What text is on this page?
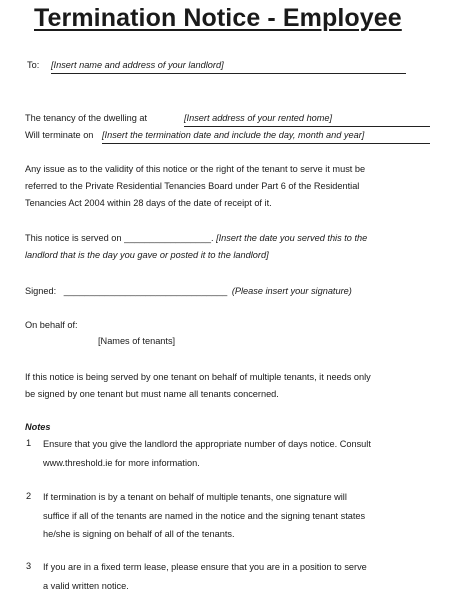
Termination Notice - Employee
To: [Insert name and address of your landlord]
The tenancy of the dwelling at	[Insert address of your rented home]
Will terminate on [Insert the termination date and include the day, month and year]
Any issue as to the validity of this notice or the right of the tenant to serve it must be
referred to the Private Residential Tenancies Board under Part 6 of the Residential
Tenancies Act 2004 within 28 days of the date of receipt of it.
This notice is served on _________________. [Insert the date you served this to the
landlord that is the day you gave or posted it to the landlord]
Signed: ________________________________ (Please insert your signature)
On behalf of:
[Names of tenants]
If this notice is being served by one tenant on behalf of multiple tenants, it needs only
be signed by one tenant but must name all tenants concerned.
Notes
1 Ensure that you give the landlord the appropriate number of days notice. Consult
www.threshold.ie for more information.
2 If termination is by a tenant on behalf of multiple tenants, one signature will
suffice if all of the tenants are named in the notice and the signing tenant states
he/she is signing on behalf of all of the tenants.
3 If you are in a fixed term lease, please ensure that you are in a position to serve
a valid written notice.
